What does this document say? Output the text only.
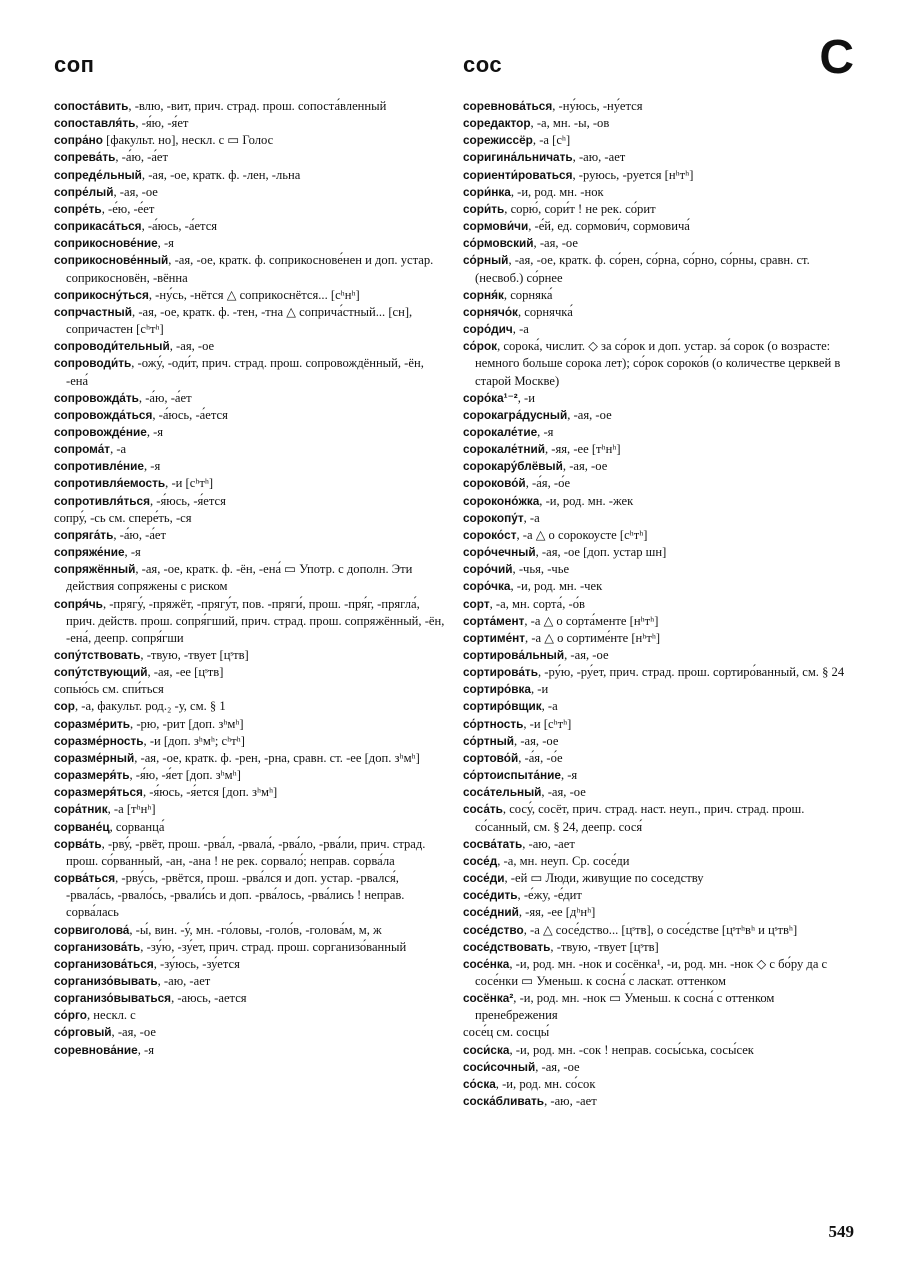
соп	сос	С

сопоста́вить, -влю, -вит, прич. страд. прош. сопоста́вленный

сопоставля́ть, -я́ю, -я́ет

сопра́но [факульт. но], нескл. с ▭ Голос

сопрева́ть, -а́ю, -а́ет

сопреде́льный, -ая, -ое, кратк. ф. -лен, -льна

сопре́лый, -ая, -ое

сопре́ть, -е́ю, -е́ет

соприкаса́ться, -а́юсь, -а́ется

соприкоснове́ние, -я

соприкоснове́нный, -ая, -ое, кратк. ф. соприкоснове́нен и доп. устар. соприкосновён, -вённа

соприкосну́ться, -ну́сь, -нётся △ соприкоснётся... [сʰнʰ]

сопрчастный, -ая, -ое, кратк. ф. -тен, -тна △ соприча́стный... [сн], сопричастен [сʰтʰ]

сопроводи́тельный, -ая, -ое

сопроводи́ть, -ожу́, -оди́т, прич. страд. прош. сопровождённый, -ён, -ена́

сопровожда́ть, -а́ю, -а́ет

сопровожда́ться, -а́юсь, -а́ется

сопровожде́ние, -я

сопрома́т, -а

сопротивле́ние, -я

сопротивля́емость, -и [сʰтʰ]

сопротивля́ться, -я́юсь, -я́ется

сопру́, -сь см. спере́ть, -ся

сопряга́ть, -а́ю, -а́ет

сопряже́ние, -я

сопряжённый, -ая, -ое, кратк. ф. -ён, -ена́ ▭ Употр. с дополн. Эти действия сопряжены с риском

сопря́чь, -прягу́, -пряжёт, -прягу́т, пов. -пряги́, прош. -пря́г, -прягла́, прич. действ. прош. сопря́гший, прич. страд. прош. сопряжённый, -ён, -ена́, деепр. сопря́гши

сопу́тствовать, -твую, -твует [цˢтв]

сопу́тствующий, -ая, -ее [цˢтв]

сопью́сь см. спи́ться

сор, -а, факульт. род.₂ -у, см. § 1

соразме́рить, -рю, -рит [доп. зʰмʰ]

соразме́рность, -и [доп. зʰмʰ; сʰтʰ]

соразме́рный, -ая, -ое, кратк. ф. -рен, -рна, сравн. ст. -ее [доп. зʰмʰ]

соразмеря́ть, -я́ю, -я́ет [доп. зʰмʰ]

соразмеря́ться, -я́юсь, -я́ется [доп. зʰмʰ]

сора́тник, -а [тʰнʰ]

сорване́ц, сорванца́

сорва́ть, -рву́, -рвёт, прош. -рва́л, -рвала́, -рва́ло, -рва́ли, прич. страд. прош. со́рванный, -ан, -ана ! не рек. сорвало́; неправ. сорва́ла

сорва́ться, -рву́сь, -рвётся, прош. -рва́лся и доп. устар. -рвался́, -рвала́сь, -рвало́сь, -рвали́сь и доп. -рва́лось, -рва́лись ! неправ. сорва́лась

сорвиголова́, -ы́, вин. -у́, мн. -го́ловы, -голо́в, -голова́м, м, ж

сорганизова́ть, -зу́ю, -зу́ет, прич. страд. прош. сорганизо́ванный

сорганизова́ться, -зу́юсь, -зу́ется

сорганизо́вывать, -аю, -ает

сорганизо́вываться, -аюсь, -ается

со́рго, нескл. с

со́рговый, -ая, -ое

соревнова́ние, -я

соревнова́ться, -ну́юсь, -ну́ется

соредактор, -а, мн. -ы, -ов

сорежиссёр, -а [сʰ]

сорᴎгина́льничать, -аю, -ает

сориенти́роваться, -руюсь, -руется [нʰтʰ]

сори́нка, -и, род. мн. -нок

сори́ть, сорю́, сори́т ! не рек. со́рит

сормови́чи, -е́й, ед. сормови́ч, сормовича́

со́рмовский, -ая, -ое

со́рный, -ая, -ое, кратк. ф. со́рен, со́рна, со́рно, со́рны, сравн. ст. (несвоб.) со́рнее

сорня́к, сорняка́

сорнячо́к, сорнячка́

соро́дич, -а

со́рок, сорока́, числит. ◇ за со́рок и доп. устар. за́ сорок (о возрасте: немного больше сорока лет); со́рок сороко́в (о количестве церквей в старой Москве)

соро́ка¹⁻², -и

сорокагра́дусный, -ая, -ое

сорокале́тие, -я

сорокале́тний, -яя, -ее [тʰнʰ]

сорокару́блёвый, -ая, -ое

сороково́й, -а́я, -о́е

сороконо́жка, -и, род. мн. -жек

сорокопу́т, -а

сороко́ст, -а △ о сорокоусте [сʰтʰ]

соро́чечный, -ая, -ое [доп. устар шн]

соро́чий, -чья, -чье

соро́чка, -и, род. мн. -чек

сорт, -а, мн. сорта́, -о́в

сорта́мент, -а △ о сорта́менте [нʰтʰ]

сортиме́нт, -а △ о сортиме́нте [нʰтʰ]

сортирова́льный, -ая, -ое

сортирова́ть, -ру́ю, -ру́ет, прич. страд. прош. сортиро́ванный, см. § 24

сортиро́вка, -и

сортиро́вщик, -а

со́ртность, -и [сʰтʰ]

со́ртный, -ая, -ое

сортово́й, -а́я, -о́е

со́ртоиспыта́ние, -я

соса́тельный, -ая, -ое

соса́ть, сосу́, сосёт, прич. страд. наст. неуп., прич. страд. прош. со́санный, см. § 24, деепр. сося́

сосва́тать, -аю, -ает

сосе́д, -а, мн. неуп. Ср. сосе́ди

сосе́ди, -ей ▭ Люди, живущие по соседству

сосе́дить, -е́жу, -е́дит

сосе́дний, -яя, -ее [дʰнʰ]

сосе́дство, -а △ сосе́дство... [цˢтв], о сосе́дстве [цˢтʰвʰ и цˢтвʰ]

сосе́дствовать, -твую, -твует [цˢтв]

сосе́нка, -и, род. мн. -нок и сосёнка¹, -и, род. мн. -нок ◇ с бо́ру да с сосе́нки ▭ Уменьш. к сосна́ с ласкат. оттенком

сосёнка², -и, род. мн. -нок ▭ Уменьш. к сосна́ с оттенком пренебрежения

сосе́ц см. сосцы́

соси́ска, -и, род. мн. -сок ! неправ. сосы́ська, сосы́сек

соси́сочный, -ая, -ое

со́ска, -и, род. мн. со́сок

соска́бливать, -аю, -ает

549
